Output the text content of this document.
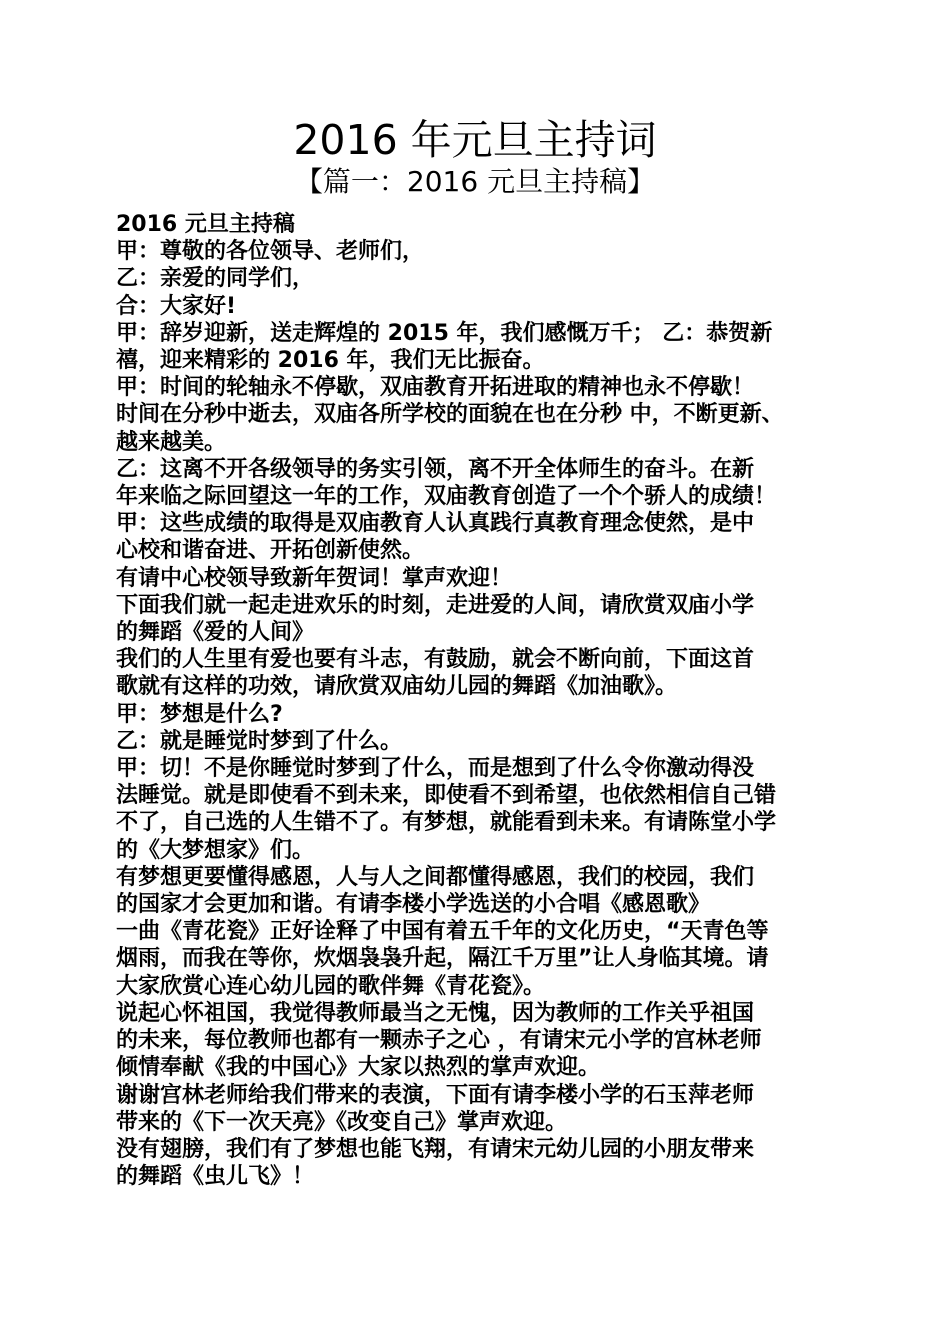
2016 年元旦主持词
【篇一：2016 元旦主持稿】

2016 元旦主持稿

甲：尊敬的各位领导、老师们，

乙：亲爱的同学们，

合：大家好!

甲：辞岁迎新，送走辉煌的 2015 年，我们感慨万千； 乙：恭贺新

禧，迎来精彩的 2016 年，我们无比振奋。

甲：时间的轮轴永不停歇，双庙教育开拓进取的精神也永不停歇！

时间在分秒中逝去，双庙各所学校的面貌在也在分秒 中，不断更新、

越来越美。

乙：这离不开各级领导的务实引领，离不开全体师生的奋斗。在新

年来临之际回望这一年的工作，双庙教育创造了一个个骄人的成绩！

甲：这些成绩的取得是双庙教育人认真践行真教育理念使然，是中

心校和谐奋进、开拓创新使然。

有请中心校领导致新年贺词！掌声欢迎！

下面我们就一起走进欢乐的时刻，走进爱的人间，请欣赏双庙小学

的舞蹈《爱的人间》

我们的人生里有爱也要有斗志，有鼓励，就会不断向前，下面这首

歌就有这样的功效，请欣赏双庙幼儿园的舞蹈《加油歌》。

甲：梦想是什么?

乙：就是睡觉时梦到了什么。

甲：切！不是你睡觉时梦到了什么，而是想到了什么令你激动得没

法睡觉。就是即使看不到未来，即使看不到希望，也依然相信自己错

不了，自己选的人生错不了。有梦想，就能看到未来。有请陈堂小学

的《大梦想家》们。

有梦想更要懂得感恩，人与人之间都懂得感恩，我们的校园，我们

的国家才会更加和谐。有请李楼小学选送的小合唱《感恩歌》

一曲《青花瓷》正好诠释了中国有着五千年的文化历史，“天青色等

烟雨，而我在等你，炊烟袅袅升起，隔江千万里”让人身临其境。请

大家欣赏心连心幼儿园的歌伴舞《青花瓷》。

说起心怀祖国，我觉得教师最当之无愧，因为教师的工作关乎祖国

的未来，每位教师也都有一颗赤子之心 ，有请宋元小学的宫林老师

倾情奉献《我的中国心》大家以热烈的掌声欢迎。

谢谢宫林老师给我们带来的表演，下面有请李楼小学的石玉萍老师

带来的《下一次天亮》《改变自己》掌声欢迎。

没有翅膀，我们有了梦想也能飞翔，有请宋元幼儿园的小朋友带来

的舞蹈《虫儿飞》！
